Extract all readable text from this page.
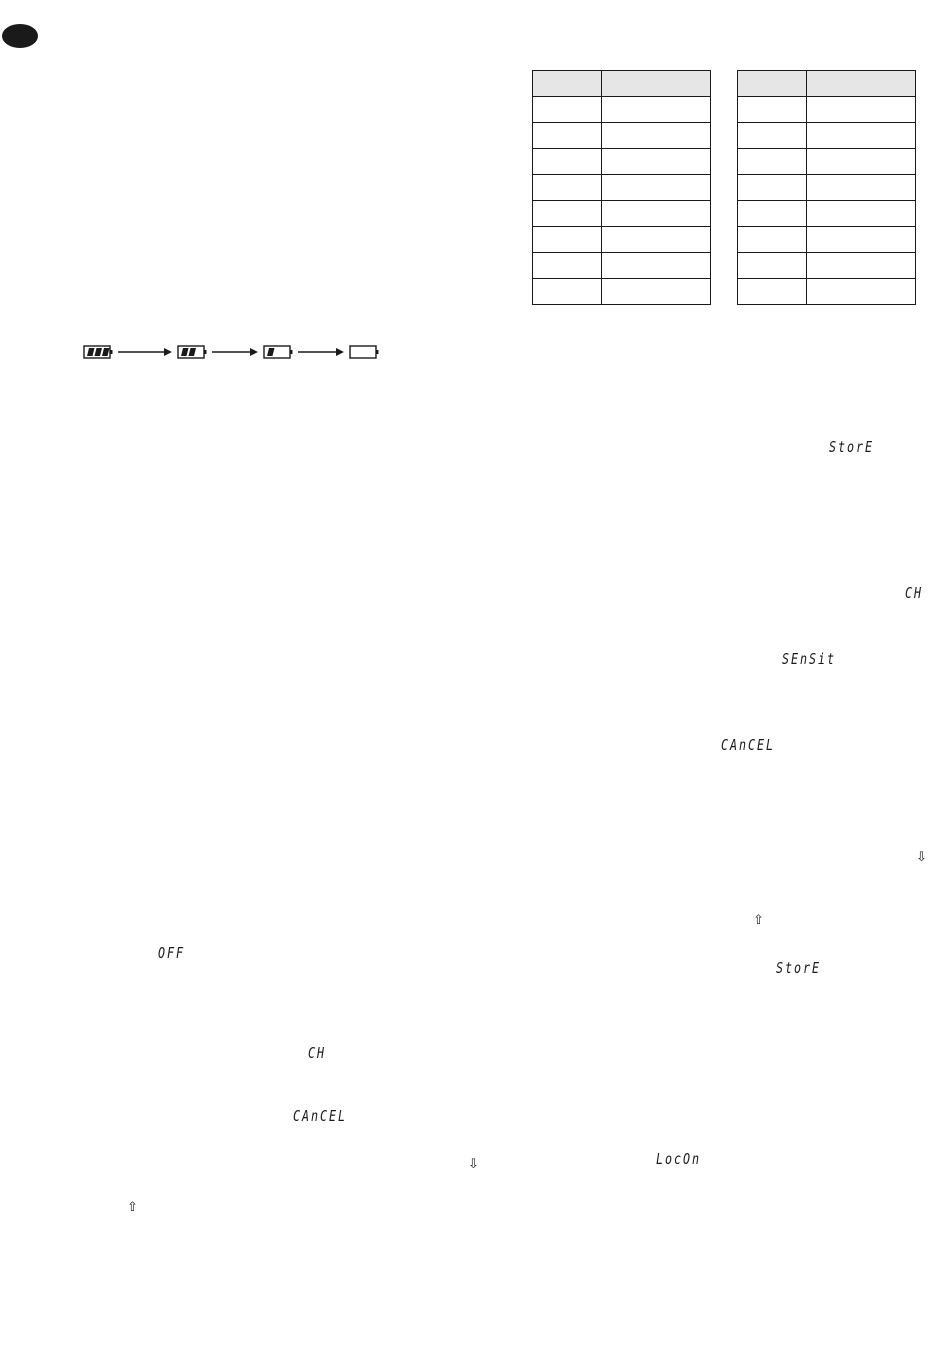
StorE
CH
SEnSit
CAnCEL
⇩
⇧
StorE
LocOn
OFF
CH
CAnCEL
⇩
⇧
